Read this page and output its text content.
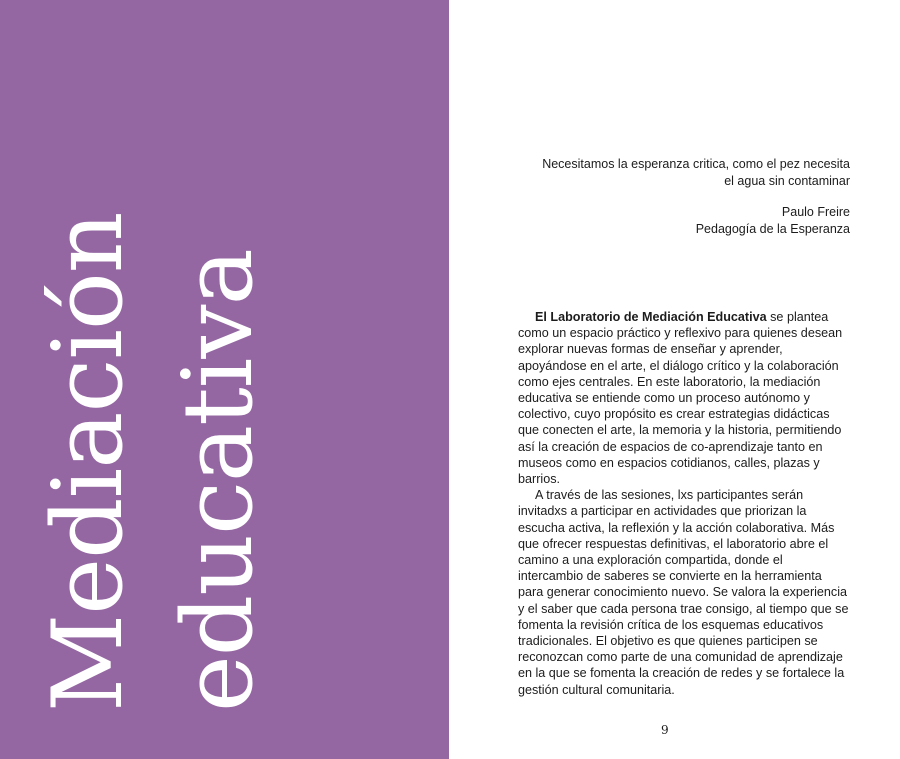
Mediación educativa

Necesitamos la esperanza critica, como el pez necesita el agua sin contaminar

Paulo Freire

Pedagogía de la Esperanza

El Laboratorio de Mediación Educativa se plantea como un espacio práctico y reflexivo para quienes desean explorar nuevas formas de enseñar y aprender, apoyándose en el arte, el diálogo crítico y la colaboración como ejes centrales. En este laboratorio, la mediación educativa se entiende como un proceso autónomo y colectivo, cuyo propósito es crear estrategias didácticas que conecten el arte, la memoria y la historia, permitiendo así la creación de espacios de co-aprendizaje tanto en museos como en espacios cotidianos, calles, plazas y barrios.

A través de las sesiones, lxs participantes serán invitadxs a participar en actividades que priorizan la escucha activa, la reflexión y la acción colaborativa. Más que ofrecer respuestas definitivas, el laboratorio abre el camino a una exploración compartida, donde el intercambio de saberes se convierte en la herramienta para generar conocimiento nuevo. Se valora la experiencia y el saber que cada persona trae consigo, al tiempo que se fomenta la revisión crítica de los esquemas educativos tradicionales. El objetivo es que quienes participen se reconozcan como parte de una comunidad de aprendizaje en la que se fomenta la creación de redes y se fortalece la gestión cultural comunitaria.

9
